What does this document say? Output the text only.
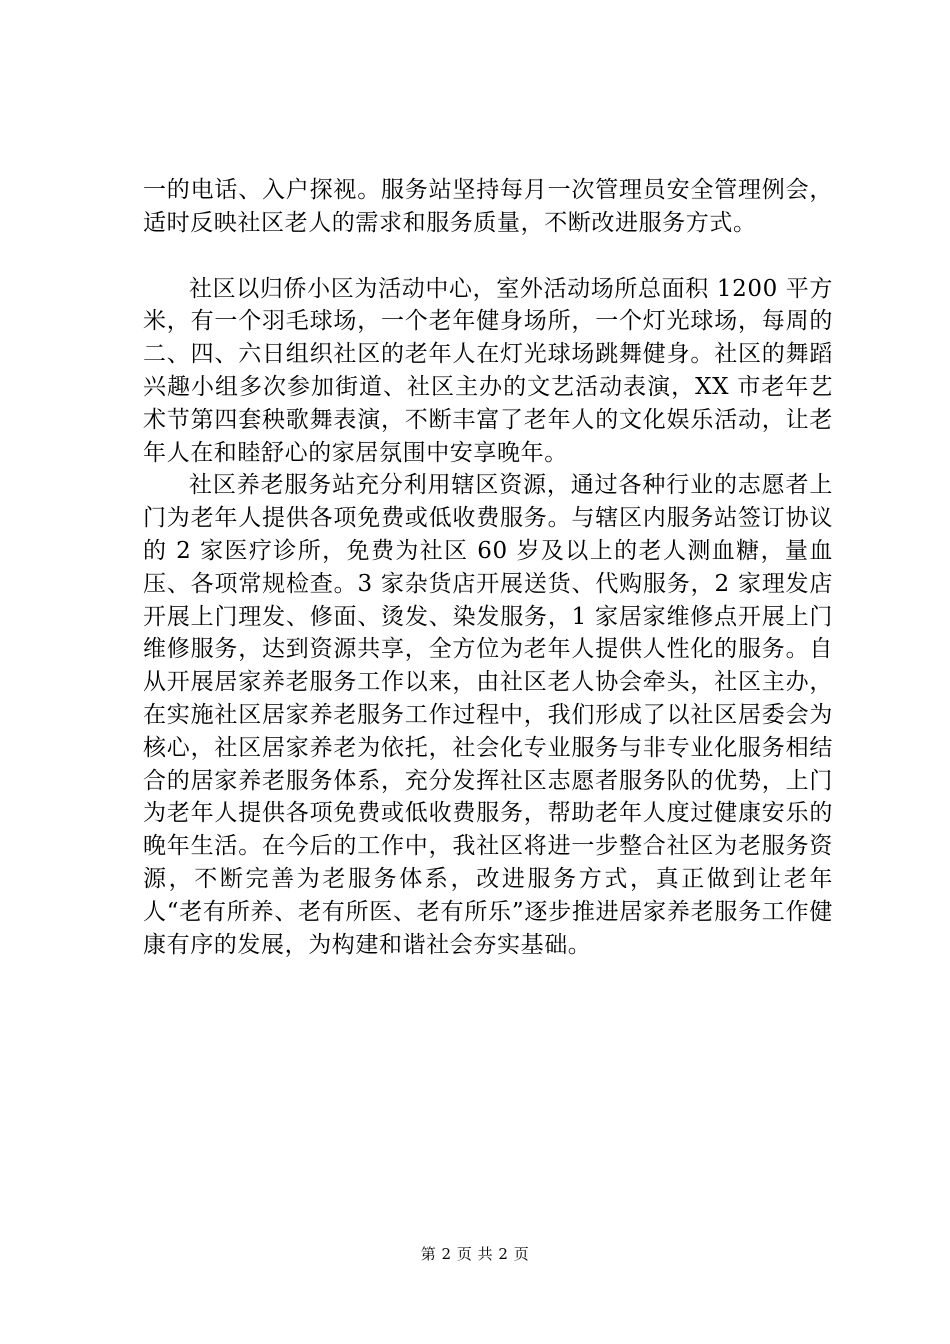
一的电话、入户探视。服务站坚持每月一次管理员安全管理例会，适时反映社区老人的需求和服务质量，不断改进服务方式。

社区以归侨小区为活动中心，室外活动场所总面积 1200 平方米，有一个羽毛球场，一个老年健身场所，一个灯光球场，每周的二、四、六日组织社区的老年人在灯光球场跳舞健身。社区的舞蹈兴趣小组多次参加街道、社区主办的文艺活动表演，XX 市老年艺术节第四套秧歌舞表演，不断丰富了老年人的文化娱乐活动，让老年人在和睦舒心的家居氛围中安享晚年。

社区养老服务站充分利用辖区资源，通过各种行业的志愿者上门为老年人提供各项免费或低收费服务。与辖区内服务站签订协议的 2 家医疗诊所，免费为社区 60 岁及以上的老人测血糖，量血压、各项常规检查。3 家杂货店开展送货、代购服务，2 家理发店开展上门理发、修面、烫发、染发服务，1 家居家维修点开展上门维修服务，达到资源共享，全方位为老年人提供人性化的服务。自从开展居家养老服务工作以来，由社区老人协会牵头，社区主办，在实施社区居家养老服务工作过程中，我们形成了以社区居委会为核心，社区居家养老为依托，社会化专业服务与非专业化服务相结合的居家养老服务体系，充分发挥社区志愿者服务队的优势，上门为老年人提供各项免费或低收费服务，帮助老年人度过健康安乐的晚年生活。在今后的工作中，我社区将进一步整合社区为老服务资源，不断完善为老服务体系，改进服务方式，真正做到让老年人“老有所养、老有所医、老有所乐”逐步推进居家养老服务工作健康有序的发展，为构建和谐社会夯实基础。

第 2 页 共 2 页
